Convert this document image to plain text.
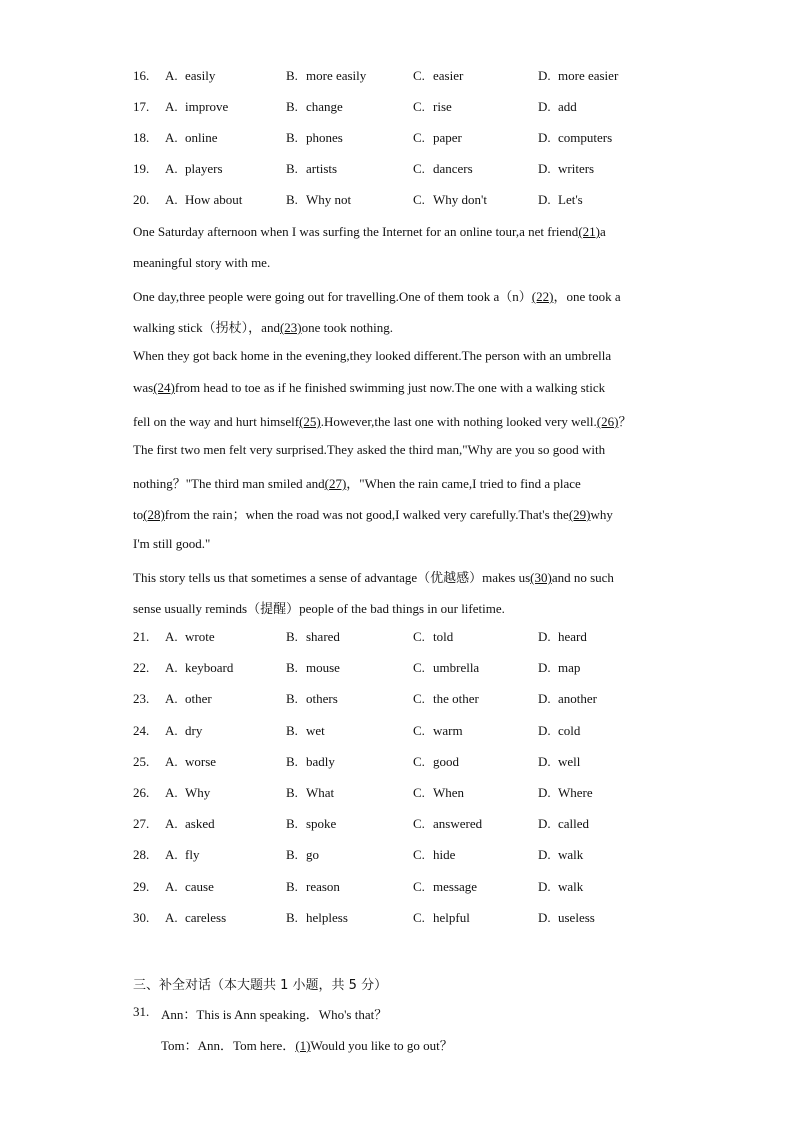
16. A. easily	B. more easily	C. easier	D. more easier
17. A. improve	B. change	C. rise	D. add
18. A. online	B. phones	C. paper	D. computers
19. A. players	B. artists	C. dancers	D. writers
20. A. How about	B. Why not	C. Why don't	D. Let's
One Saturday afternoon when I was surfing the Internet for an online tour,a net friend(21)a
meaningful story with me.
One day,three people were going out for travelling.One of them took a（n）(22)，one took a
walking stick（拐杖），and(23)one took nothing.
When they got back home in the evening,they looked different.The person with an umbrella
was(24)from head to toe as if he finished swimming just now.The one with a walking stick
fell on the way and hurt himself(25).However,the last one with nothing looked very well.(26)？
The first two men felt very surprised.They asked the third man,"Why are you so good with
nothing？"The third man smiled and(27)，"When the rain came,I tried to find a place
to(28)from the rain；when the road was not good,I walked very carefully.That's the(29)why
I'm still good."
This story tells us that sometimes a sense of advantage（优越感）makes us(30)and no such
sense usually reminds（提醒）people of the bad things in our lifetime.
21. A. wrote	B. shared	C. told	D. heard
22. A. keyboard	B. mouse	C. umbrella	D. map
23. A. other	B. others	C. the other	D. another
24. A. dry	B. wet	C. warm	D. cold
25. A. worse	B. badly	C. good	D. well
26. A. Why	B. What	C. When	D. Where
27. A. asked	B. spoke	C. answered	D. called
28. A. fly	B. go	C. hide	D. walk
29. A. cause	B. reason	C. message	D. walk
30. A. careless	B. helpless	C. helpful	D. useless
三、补全对话（本大题共 1 小题，共 5 分）
31. Ann：This is Ann speaking．Who's that？
Tom：Ann．Tom here．(1)Would you like to go out？
